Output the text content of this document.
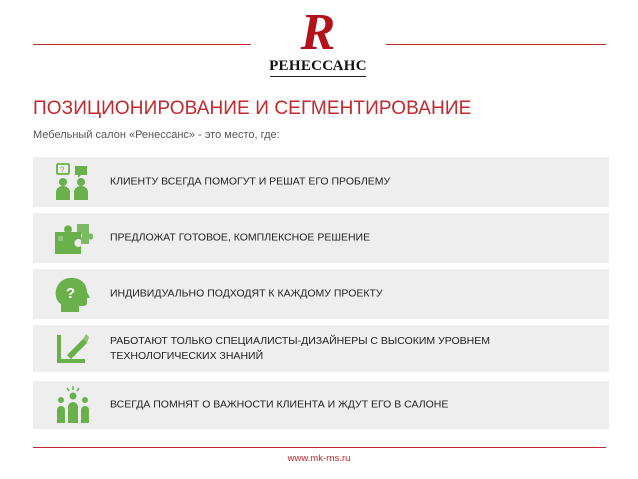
R
РЕНЕССАНС
ПОЗИЦИОНИРОВАНИЕ И СЕГМЕНТИРОВАНИЕ
Мебельный салон «Ренессанс» - это место, где:
?
КЛИЕНТУ ВСЕГДА ПОМОГУТ И РЕШАТ ЕГО ПРОБЛЕМУ
ПРЕДЛОЖАТ ГОТОВОЕ, КОМПЛЕКСНОЕ РЕШЕНИЕ
?	ИНДИВИДУАЛЬНО ПОДХОДЯТ К КАЖДОМУ ПРОЕКТУ
РАБОТАЮТ ТОЛЬКО СПЕЦИАЛИСТЫ-ДИЗАЙНЕРЫ С ВЫСОКИМ УРОВНЕМ
ТЕХНОЛОГИЧЕСКИХ ЗНАНИЙ
ВСЕГДА ПОМНЯТ О ВАЖНОСТИ КЛИЕНТА И ЖДУТ ЕГО В САЛОНЕ
www.mk-rns.ru
